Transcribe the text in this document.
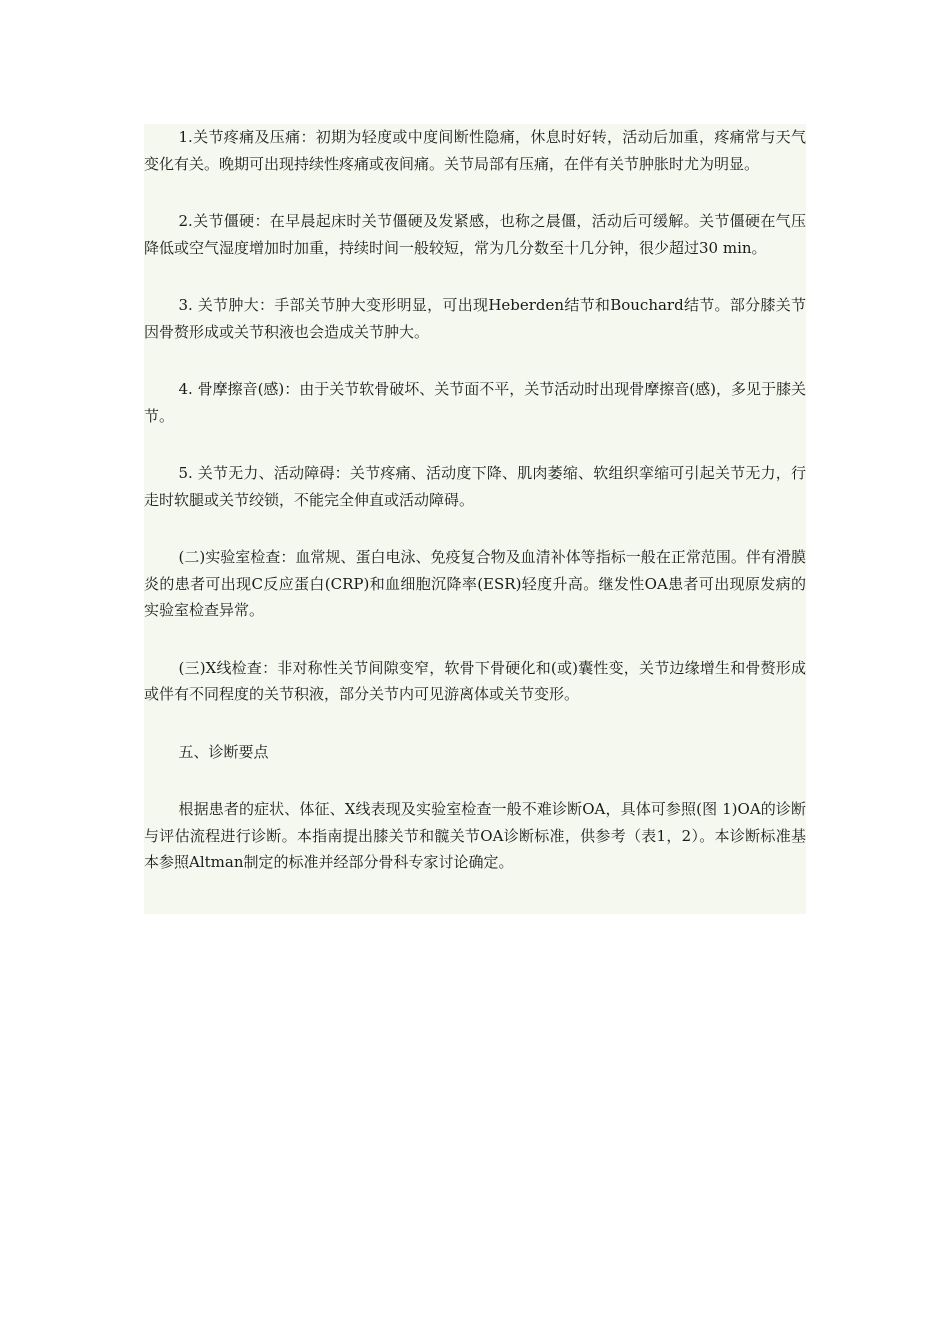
1.关节疼痛及压痛：初期为轻度或中度间断性隐痛，休息时好转，活动后加重，疼痛常与天气变化有关。晚期可出现持续性疼痛或夜间痛。关节局部有压痛，在伴有关节肿胀时尤为明显。

2.关节僵硬：在早晨起床时关节僵硬及发紧感，也称之晨僵，活动后可缓解。关节僵硬在气压降低或空气湿度增加时加重，持续时间一般较短，常为几分数至十几分钟，很少超过30 min。

3. 关节肿大：手部关节肿大变形明显，可出现Heberden结节和Bouchard结节。部分膝关节因骨赘形成或关节积液也会造成关节肿大。

4. 骨摩擦音(感)：由于关节软骨破坏、关节面不平，关节活动时出现骨摩擦音(感)，多见于膝关节。

5. 关节无力、活动障碍：关节疼痛、活动度下降、肌肉萎缩、软组织挛缩可引起关节无力，行走时软腿或关节绞锁，不能完全伸直或活动障碍。

(二)实验室检查：血常规、蛋白电泳、免疫复合物及血清补体等指标一般在正常范围。伴有滑膜炎的患者可出现C反应蛋白(CRP)和血细胞沉降率(ESR)轻度升高。继发性OA患者可出现原发病的实验室检查异常。

(三)X线检查：非对称性关节间隙变窄，软骨下骨硬化和(或)囊性变，关节边缘增生和骨赘形成或伴有不同程度的关节积液，部分关节内可见游离体或关节变形。

五、诊断要点

根据患者的症状、体征、X线表现及实验室检查一般不难诊断OA，具体可参照(图 1)OA的诊断与评估流程进行诊断。本指南提出膝关节和髋关节OA诊断标准，供参考（表1，2）。本诊断标准基本参照Altman制定的标准并经部分骨科专家讨论确定。
